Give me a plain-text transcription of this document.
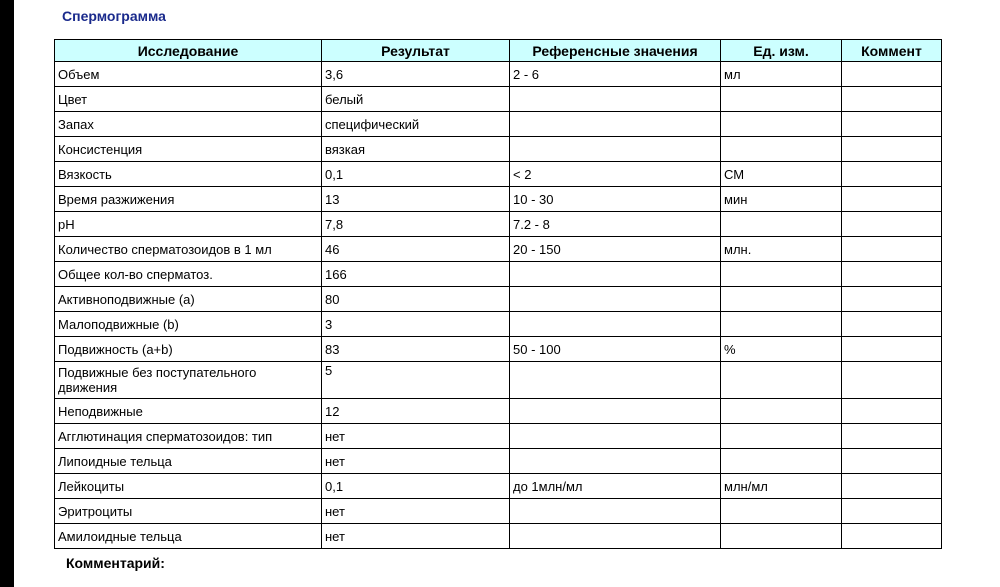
Спермограмма
Исследование	Результат	Референсные значения	Ед. изм.	Коммент
Объем	3,6	2 - 6	мл	
Цвет	белый			
Запах	специфический			
Консистенция	вязкая			
Вязкость	0,1	< 2	СМ	
Время разжижения	13	10 - 30	мин	
pH	7,8	7.2 - 8		
Количество сперматозоидов в 1 мл	46	20 - 150	млн.	
Общее кол-во сперматоз.	166			
Активноподвижные (а)	80			
Малоподвижные (b)	3			
Подвижность (a+b)	83	50 - 100	%	
Подвижные без поступательного движения	5			
Неподвижные	12			
Агглютинация сперматозоидов: тип	нет			
Липоидные тельца	нет			
Лейкоциты	0,1	до 1млн/мл	млн/мл	
Эритроциты	нет			
Амилоидные тельца	нет			
Комментарий:
